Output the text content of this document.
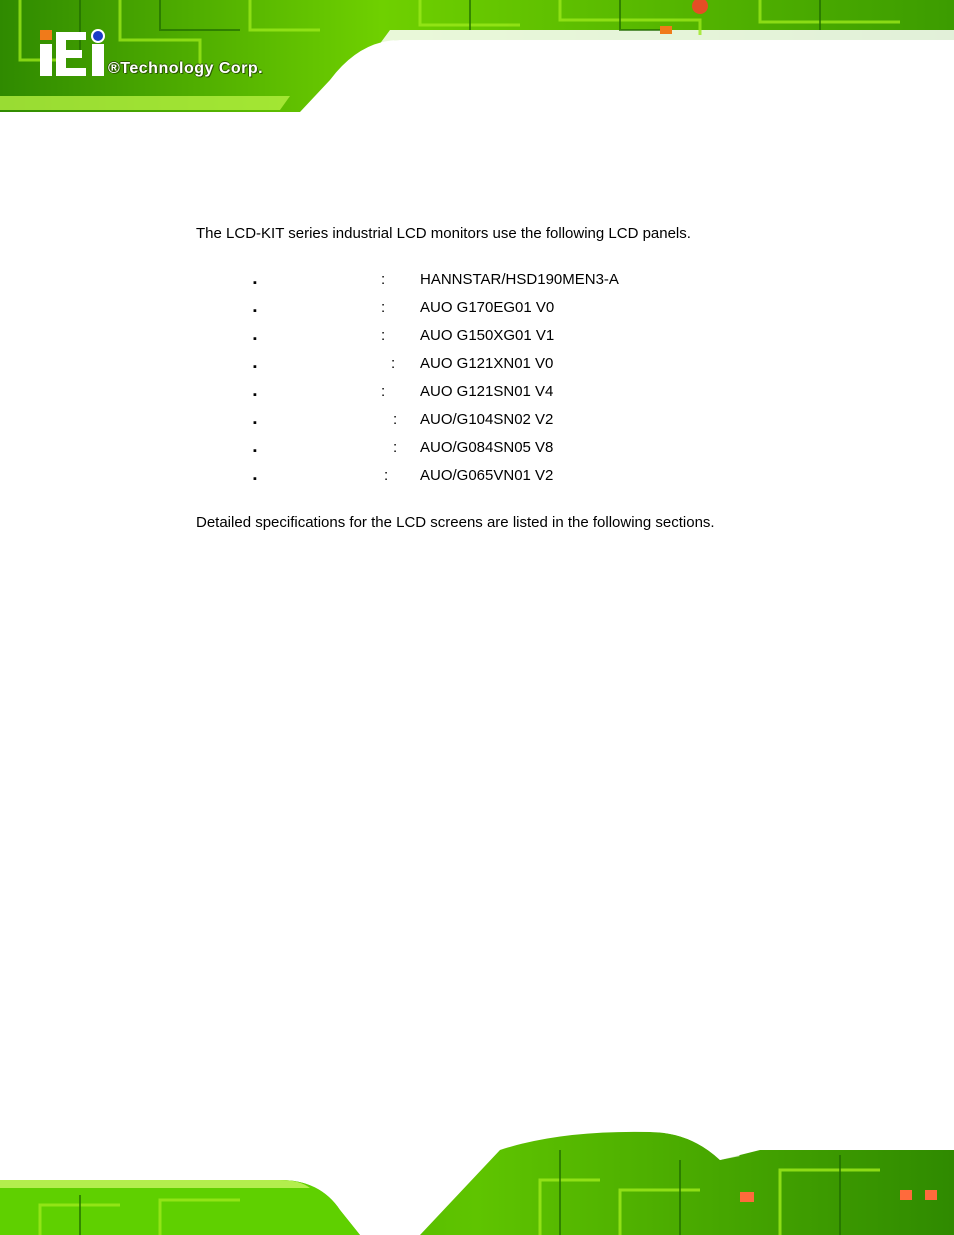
®Technology Corp.

The LCD-KIT series industrial LCD monitors use the following LCD panels.

▪	: HANNSTAR/HSD190MEN3-A
▪	: AUO G170EG01 V0
▪	: AUO G150XG01 V1
▪	: AUO G121XN01 V0
▪	: AUO G121SN01 V4
▪	: AUO/G104SN02 V2
▪	: AUO/G084SN05 V8
▪	: AUO/G065VN01 V2

Detailed specifications for the LCD screens are listed in the following sections.
